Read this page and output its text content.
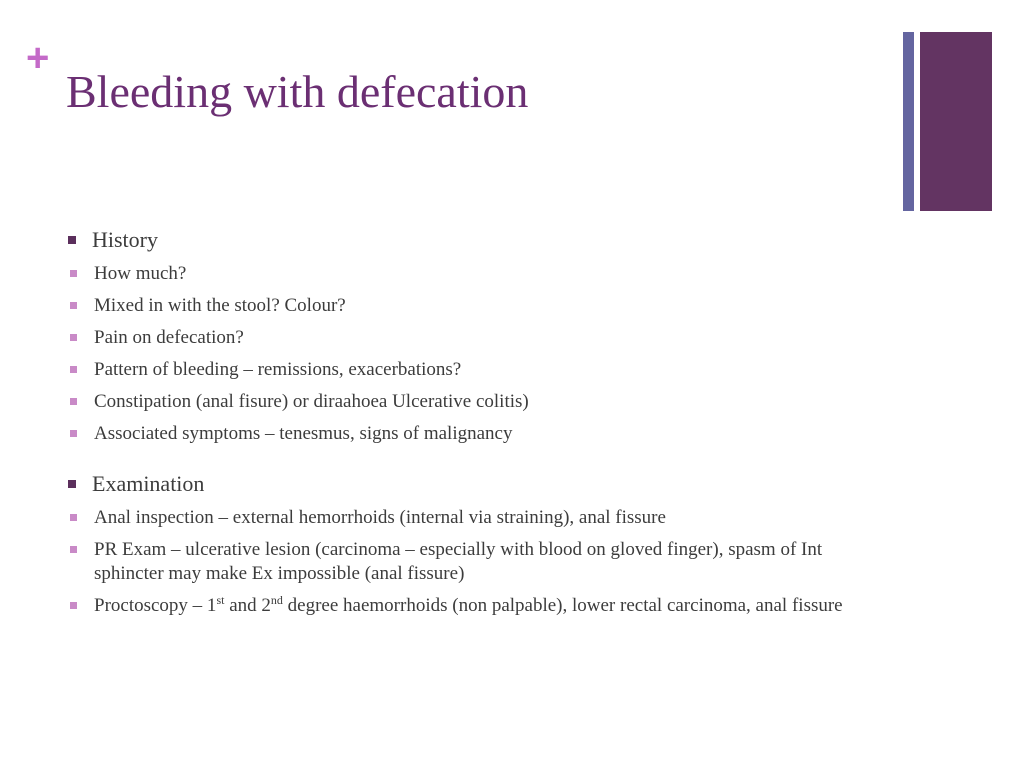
+
Bleeding with defecation
History
How much?
Mixed in with the stool? Colour?
Pain on defecation?
Pattern of bleeding – remissions, exacerbations?
Constipation (anal fisure) or diraahoea Ulcerative colitis)
Associated symptoms – tenesmus, signs of malignancy
Examination
Anal inspection – external hemorrhoids (internal via straining), anal fissure
PR Exam – ulcerative lesion (carcinoma – especially with blood on gloved finger), spasm of Int sphincter may make Ex impossible (anal fissure)
Proctoscopy – 1st and 2nd degree haemorrhoids (non palpable), lower rectal carcinoma, anal fissure
